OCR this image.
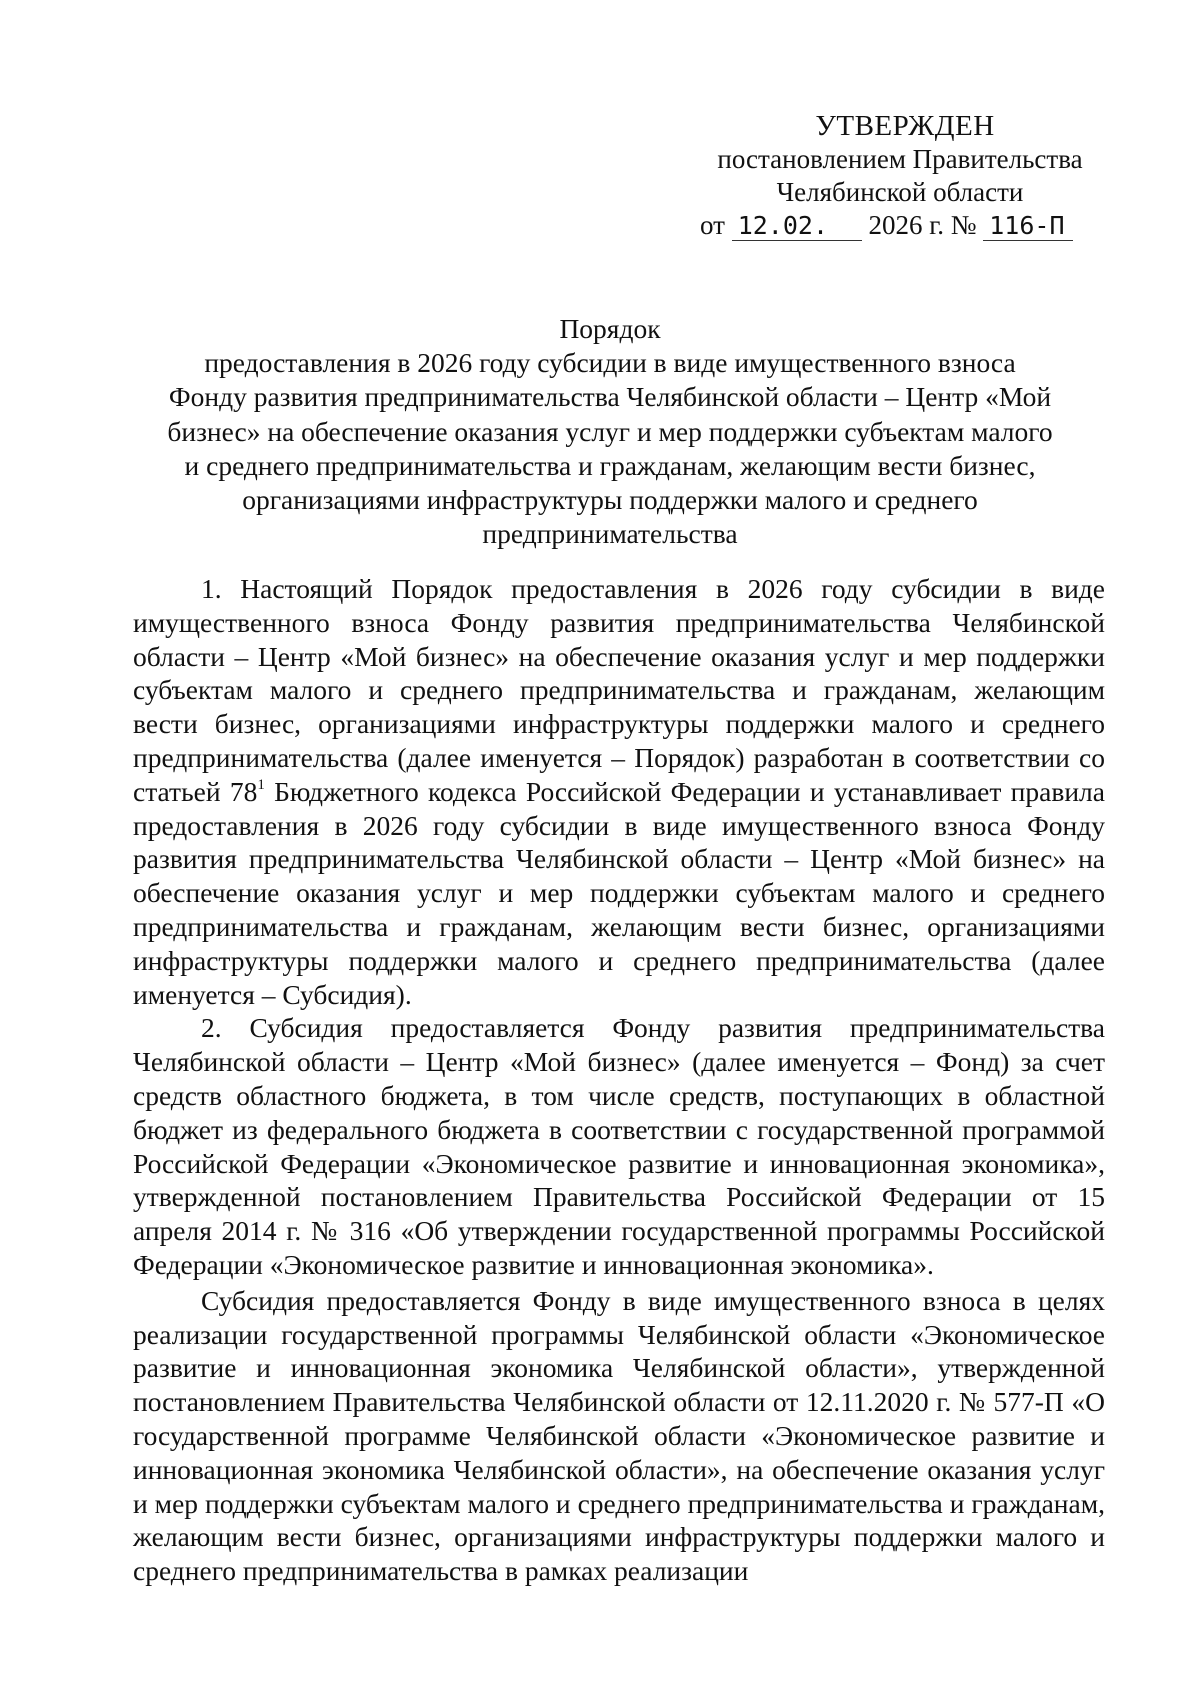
УТВЕРЖДЕН
постановлением Правительства
Челябинской области
от 12.02. 2026 г. № 116-П
Порядок
предоставления в 2026 году субсидии в виде имущественного взноса
Фонду развития предпринимательства Челябинской области – Центр «Мой
бизнес» на обеспечение оказания услуг и мер поддержки субъектам малого
и среднего предпринимательства и гражданам, желающим вести бизнес,
организациями инфраструктуры поддержки малого и среднего
предпринимательства

1. Настоящий Порядок предоставления в 2026 году субсидии в виде имущественного взноса Фонду развития предпринимательства Челябинской области – Центр «Мой бизнес» на обеспечение оказания услуг и мер поддержки субъектам малого и среднего предпринимательства и гражданам, желающим вести бизнес, организациями инфраструктуры поддержки малого и среднего предпринимательства (далее именуется – Порядок) разработан в соответствии со статьей 78$^1$ Бюджетного кодекса Российской Федерации и устанавливает правила предоставления в 2026 году субсидии в виде имущественного взноса Фонду развития предпринимательства Челябинской области – Центр «Мой бизнес» на обеспечение оказания услуг и мер поддержки субъектам малого и среднего предпринимательства и гражданам, желающим вести бизнес, организациями инфраструктуры поддержки малого и среднего предпринимательства (далее именуется – Субсидия).

2. Субсидия предоставляется Фонду развития предпринимательства Челябинской области – Центр «Мой бизнес» (далее именуется – Фонд) за счет средств областного бюджета, в том числе средств, поступающих в областной бюджет из федерального бюджета в соответствии с государственной программой Российской Федерации «Экономическое развитие и инновационная экономика», утвержденной постановлением Правительства Российской Федерации от 15 апреля 2014 г. № 316 «Об утверждении государственной программы Российской Федерации «Экономическое развитие и инновационная экономика».

Субсидия предоставляется Фонду в виде имущественного взноса в целях реализации государственной программы Челябинской области «Экономическое развитие и инновационная экономика Челябинской области», утвержденной постановлением Правительства Челябинской области от 12.11.2020 г. № 577-П «О государственной программе Челябинской области «Экономическое развитие и инновационная экономика Челябинской области», на обеспечение оказания услуг и мер поддержки субъектам малого и среднего предпринимательства и гражданам, желающим вести бизнес, организациями инфраструктуры поддержки малого и среднего предпринимательства в рамках реализации
